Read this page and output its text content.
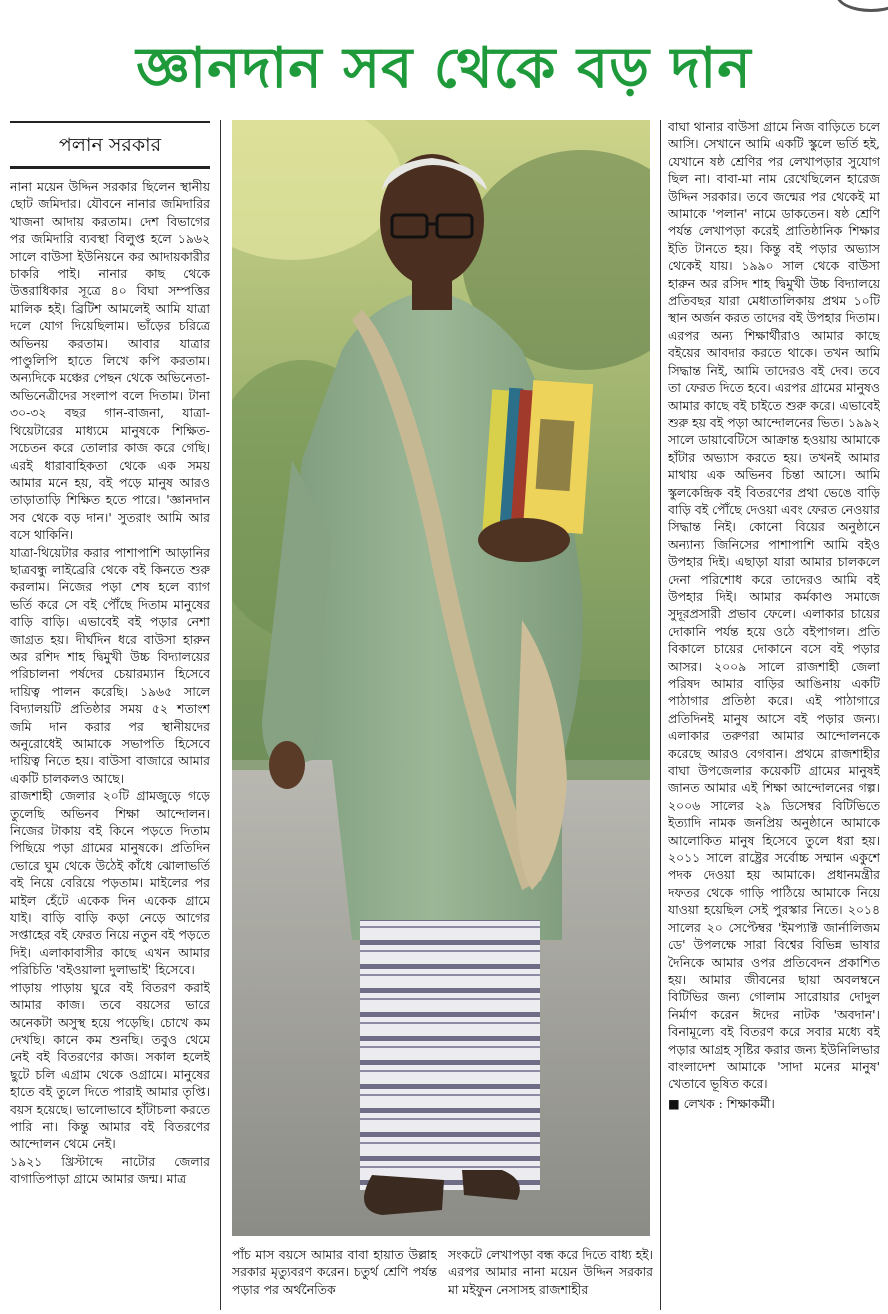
জ্ঞানদান সব থেকে বড় দান
পলান সরকার

নানা ময়েন উদ্দিন সরকার ছিলেন স্থানীয় ছোট জমিদার। যৌবনে নানার জমিদারির খাজনা আদায় করতাম। দেশ বিভাগের পর জমিদারি ব্যবস্থা বিলুপ্ত হলে ১৯৬২ সালে বাউসা ইউনিয়নে কর আদায়কারীর চাকরি পাই। নানার কাছ থেকে উত্তরাধিকার সূত্রে ৪০ বিঘা সম্পত্তির মালিক হই। ব্রিটিশ আমলেই আমি যাত্রা দলে যোগ দিয়েছিলাম। ভাঁড়ের চরিত্রে অভিনয় করতাম। আবার যাত্রার পাণ্ডুলিপি হাতে লিখে কপি করতাম। অন্যদিকে মঞ্চের পেছন থেকে অভিনেতা-অভিনেত্রীদের সংলাপ বলে দিতাম। টানা ৩০-৩২ বছর গান-বাজনা, যাত্রা-থিয়েটারের মাধ্যমে মানুষকে শিক্ষিত-সচেতন করে তোলার কাজ করে গেছি। এরই ধারাবাহিকতা থেকে এক সময় আমার মনে হয়, বই পড়ে মানুষ আরও তাড়াতাড়ি শিক্ষিত হতে পারে। 'জ্ঞানদান সব থেকে বড় দান।' সুতরাং আমি আর বসে থাকিনি।
যাত্রা-থিয়েটার করার পাশাপাশি আড়ানির ছাত্রবন্ধু লাইব্রেরি থেকে বই কিনতে শুরু করলাম। নিজের পড়া শেষ হলে ব্যাগ ভর্তি করে সে বই পৌঁছে দিতাম মানুষের বাড়ি বাড়ি। এভাবেই বই পড়ার নেশা জাগ্রত হয়। দীর্ঘদিন ধরে বাউসা হারুন অর রশিদ শাহ দ্বিমুখী উচ্চ বিদ্যালয়ের পরিচালনা পর্ষদের চেয়ারম্যান হিসেবে দায়িত্ব পালন করেছি। ১৯৬৫ সালে বিদ্যালয়টি প্রতিষ্ঠার সময় ৫২ শতাংশ জমি দান করার পর স্থানীয়দের অনুরোধেই আমাকে সভাপতি হিসেবে দায়িত্ব নিতে হয়। বাউসা বাজারে আমার একটি চালকলও আছে।
রাজশাহী জেলার ২০টি গ্রামজুড়ে গড়ে তুলেছি অভিনব শিক্ষা আন্দোলন। নিজের টাকায় বই কিনে পড়তে দিতাম পিছিয়ে পড়া গ্রামের মানুষকে। প্রতিদিন ভোরে ঘুম থেকে উঠেই কাঁধে ঝোলাভর্তি বই নিয়ে বেরিয়ে পড়তাম। মাইলের পর মাইল হেঁটে একেক দিন একেক গ্রামে যাই। বাড়ি বাড়ি কড়া নেড়ে আগের সপ্তাহের বই ফেরত নিয়ে নতুন বই পড়তে দিই। এলাকাবাসীর কাছে এখন আমার পরিচিতি 'বইওয়ালা দুলাভাই' হিসেবে।
পাড়ায় পাড়ায় ঘুরে বই বিতরণ করাই আমার কাজ। তবে বয়সের ভারে অনেকটা অসুস্থ হয়ে পড়েছি। চোখে কম দেখছি। কানে কম শুনছি। তবুও থেমে নেই বই বিতরণের কাজ। সকাল হলেই ছুটে চলি এগ্রাম থেকে ওগ্রামে। মানুষের হাতে বই তুলে দিতে পারাই আমার তৃপ্তি। বয়স হয়েছে। ভালোভাবে হাঁটাচলা করতে পারি না। কিন্তু আমার বই বিতরণের আন্দোলন থেমে নেই।
১৯২১ খ্রিস্টাব্দে নাটোর জেলার বাগাতিপাড়া গ্রামে আমার জন্ম। মাত্র

পাঁচ মাস বয়সে আমার বাবা হায়াত উল্লাহ সরকার মৃত্যুবরণ করেন। চতুর্থ শ্রেণি পর্যন্ত পড়ার পর অর্থনৈতিক
সংকটে লেখাপড়া বন্ধ করে দিতে বাধ্য হই। এরপর আমার নানা ময়েন উদ্দিন সরকার মা মইফুন নেসাসহ রাজশাহীর

বাঘা থানার বাউসা গ্রামে নিজ বাড়িতে চলে আসি। সেখানে আমি একটি স্কুলে ভর্তি হই, যেখানে ষষ্ঠ শ্রেণির পর লেখাপড়ার সুযোগ ছিল না। বাবা-মা নাম রেখেছিলেন হারেজ উদ্দিন সরকার। তবে জন্মের পর থেকেই মা আমাকে 'পলান' নামে ডাকতেন। ষষ্ঠ শ্রেণি পর্যন্ত লেখাপড়া করেই প্রাতিষ্ঠানিক শিক্ষার ইতি টানতে হয়। কিন্তু বই পড়ার অভ্যাস থেকেই যায়। ১৯৯০ সাল থেকে বাউসা হারুন অর রসিদ শাহ দ্বিমুখী উচ্চ বিদ্যালয়ে প্রতিবছর যারা মেধাতালিকায় প্রথম ১০টি স্থান অর্জন করত তাদের বই উপহার দিতাম। এরপর অন্য শিক্ষার্থীরাও আমার কাছে বইয়ের আবদার করতে থাকে। তখন আমি সিদ্ধান্ত নিই, আমি তাদেরও বই দেব। তবে তা ফেরত দিতে হবে। এরপর গ্রামের মানুষও আমার কাছে বই চাইতে শুরু করে। এভাবেই শুরু হয় বই পড়া আন্দোলনের ভিত। ১৯৯২ সালে ডায়াবেটিসে আক্রান্ত হওয়ায় আমাকে হাঁটার অভ্যাস করতে হয়। তখনই আমার মাথায় এক অভিনব চিন্তা আসে। আমি স্কুলকেন্দ্রিক বই বিতরণের প্রথা ভেঙে বাড়ি বাড়ি বই পৌঁছে দেওয়া এবং ফেরত নেওয়ার সিদ্ধান্ত নিই। কোনো বিয়ের অনুষ্ঠানে অন্যান্য জিনিসের পাশাপাশি আমি বইও উপহার দিই। এছাড়া যারা আমার চালকলে দেনা পরিশোধ করে তাদেরও আমি বই উপহার দিই। আমার কর্মকাণ্ড সমাজে সুদূরপ্রসারী প্রভাব ফেলে। এলাকার চায়ের দোকানি পর্যন্ত হয়ে ওঠে বইপাগল। প্রতি বিকালে চায়ের দোকানে বসে বই পড়ার আসর। ২০০৯ সালে রাজশাহী জেলা পরিষদ আমার বাড়ির আঙিনায় একটি পাঠাগার প্রতিষ্ঠা করে। এই পাঠাগারে প্রতিদিনই মানুষ আসে বই পড়ার জন্য। এলাকার তরুণরা আমার আন্দোলনকে করেছে আরও বেগবান। প্রথমে রাজশাহীর বাঘা উপজেলার কয়েকটি গ্রামের মানুষই জানত আমার এই শিক্ষা আন্দোলনের গল্প। ২০০৬ সালের ২৯ ডিসেম্বর বিটিভিতে ইত্যাদি নামক জনপ্রিয় অনুষ্ঠানে আমাকে আলোকিত মানুষ হিসেবে তুলে ধরা হয়। ২০১১ সালে রাষ্ট্রের সর্বোচ্চ সম্মান একুশে পদক দেওয়া হয় আমাকে। প্রধানমন্ত্রীর দফতর থেকে গাড়ি পাঠিয়ে আমাকে নিয়ে যাওয়া হয়েছিল সেই পুরস্কার নিতে। ২০১৪ সালের ২০ সেপ্টেম্বর 'ইমপ্যাক্ট জার্নালিজম ডে' উপলক্ষে সারা বিশ্বের বিভিন্ন ভাষার দৈনিকে আমার ওপর প্রতিবেদন প্রকাশিত হয়। আমার জীবনের ছায়া অবলম্বনে বিটিভির জন্য গোলাম সারোয়ার দোদুল নির্মাণ করেন ঈদের নাটক 'অবদান'। বিনামূল্যে বই বিতরণ করে সবার মধ্যে বই পড়ার আগ্রহ সৃষ্টির করার জন্য ইউনিলিভার বাংলাদেশ আমাকে 'সাদা মনের মানুষ' খেতাবে ভূষিত করে।

■ লেখক : শিক্ষাকর্মী।
